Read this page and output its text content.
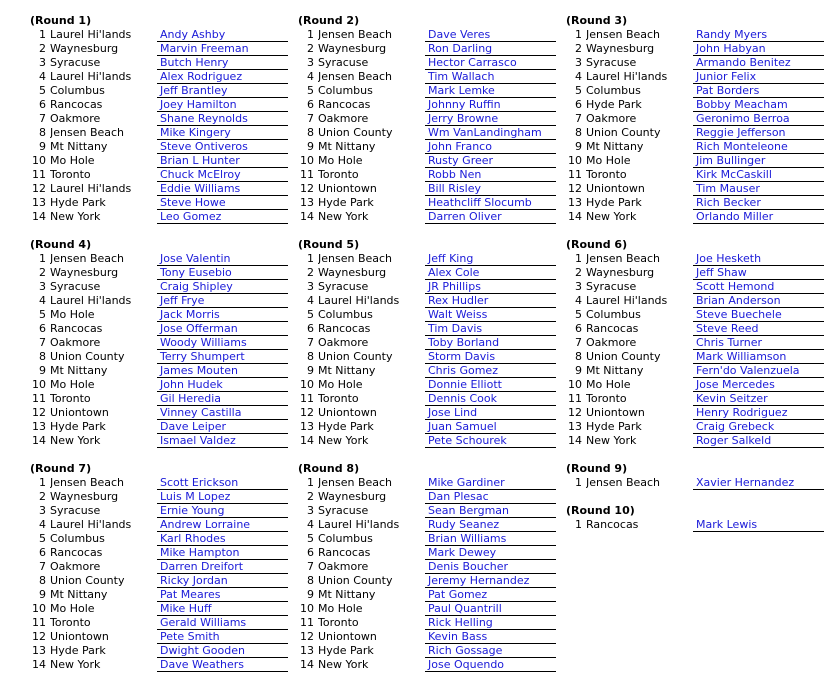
(Round 1)
1 Laurel Hi'lands	Andy Ashby
2 Waynesburg	Marvin Freeman
3 Syracuse	Butch Henry
4 Laurel Hi'lands	Alex Rodriguez
5 Columbus	Jeff Brantley
6 Rancocas	Joey Hamilton
7 Oakmore	Shane Reynolds
8 Jensen Beach	Mike Kingery
9 Mt Nittany	Steve Ontiveros
10 Mo Hole	Brian L Hunter
11 Toronto	Chuck McElroy
12 Laurel Hi'lands	Eddie Williams
13 Hyde Park	Steve Howe
14 New York	Leo Gomez
(Round 2)
1 Jensen Beach	Dave Veres
2 Waynesburg	Ron Darling
3 Syracuse	Hector Carrasco
4 Jensen Beach	Tim Wallach
5 Columbus	Mark Lemke
6 Rancocas	Johnny Ruffin
7 Oakmore	Jerry Browne
8 Union County	Wm VanLandingham
9 Mt Nittany	John Franco
10 Mo Hole	Rusty Greer
11 Toronto	Robb Nen
12 Uniontown	Bill Risley
13 Hyde Park	Heathcliff Slocumb
14 New York	Darren Oliver
(Round 3)
1 Jensen Beach	Randy Myers
2 Waynesburg	John Habyan
3 Syracuse	Armando Benitez
4 Laurel Hi'lands	Junior Felix
5 Columbus	Pat Borders
6 Hyde Park	Bobby Meacham
7 Oakmore	Geronimo Berroa
8 Union County	Reggie Jefferson
9 Mt Nittany	Rich Monteleone
10 Mo Hole	Jim Bullinger
11 Toronto	Kirk McCaskill
12 Uniontown	Tim Mauser
13 Hyde Park	Rich Becker
14 New York	Orlando Miller
(Round 4)
1 Jensen Beach	Jose Valentin
2 Waynesburg	Tony Eusebio
3 Syracuse	Craig Shipley
4 Laurel Hi'lands	Jeff Frye
5 Mo Hole	Jack Morris
6 Rancocas	Jose Offerman
7 Oakmore	Woody Williams
8 Union County	Terry Shumpert
9 Mt Nittany	James Mouten
10 Mo Hole	John Hudek
11 Toronto	Gil Heredia
12 Uniontown	Vinney Castilla
13 Hyde Park	Dave Leiper
14 New York	Ismael Valdez
(Round 5)
1 Jensen Beach	Jeff King
2 Waynesburg	Alex Cole
3 Syracuse	JR Phillips
4 Laurel Hi'lands	Rex Hudler
5 Columbus	Walt Weiss
6 Rancocas	Tim Davis
7 Oakmore	Toby Borland
8 Union County	Storm Davis
9 Mt Nittany	Chris Gomez
10 Mo Hole	Donnie Elliott
11 Toronto	Dennis Cook
12 Uniontown	Jose Lind
13 Hyde Park	Juan Samuel
14 New York	Pete Schourek
(Round 6)
1 Jensen Beach	Joe Hesketh
2 Waynesburg	Jeff Shaw
3 Syracuse	Scott Hemond
4 Laurel Hi'lands	Brian Anderson
5 Columbus	Steve Buechele
6 Rancocas	Steve Reed
7 Oakmore	Chris Turner
8 Union County	Mark Williamson
9 Mt Nittany	Fern'do Valenzuela
10 Mo Hole	Jose Mercedes
11 Toronto	Kevin Seitzer
12 Uniontown	Henry Rodriguez
13 Hyde Park	Craig Grebeck
14 New York	Roger Salkeld
(Round 7)
1 Jensen Beach	Scott Erickson
2 Waynesburg	Luis M Lopez
3 Syracuse	Ernie Young
4 Laurel Hi'lands	Andrew Lorraine
5 Columbus	Karl Rhodes
6 Rancocas	Mike Hampton
7 Oakmore	Darren Dreifort
8 Union County	Ricky Jordan
9 Mt Nittany	Pat Meares
10 Mo Hole	Mike Huff
11 Toronto	Gerald Williams
12 Uniontown	Pete Smith
13 Hyde Park	Dwight Gooden
14 New York	Dave Weathers
(Round 8)
1 Jensen Beach	Mike Gardiner
2 Waynesburg	Dan Plesac
3 Syracuse	Sean Bergman
4 Laurel Hi'lands	Rudy Seanez
5 Columbus	Brian Williams
6 Rancocas	Mark Dewey
7 Oakmore	Denis Boucher
8 Union County	Jeremy Hernandez
9 Mt Nittany	Pat Gomez
10 Mo Hole	Paul Quantrill
11 Toronto	Rick Helling
12 Uniontown	Kevin Bass
13 Hyde Park	Rich Gossage
14 New York	Jose Oquendo
(Round 9)
1 Jensen Beach	Xavier Hernandez
(Round 10)
1 Rancocas	Mark Lewis
